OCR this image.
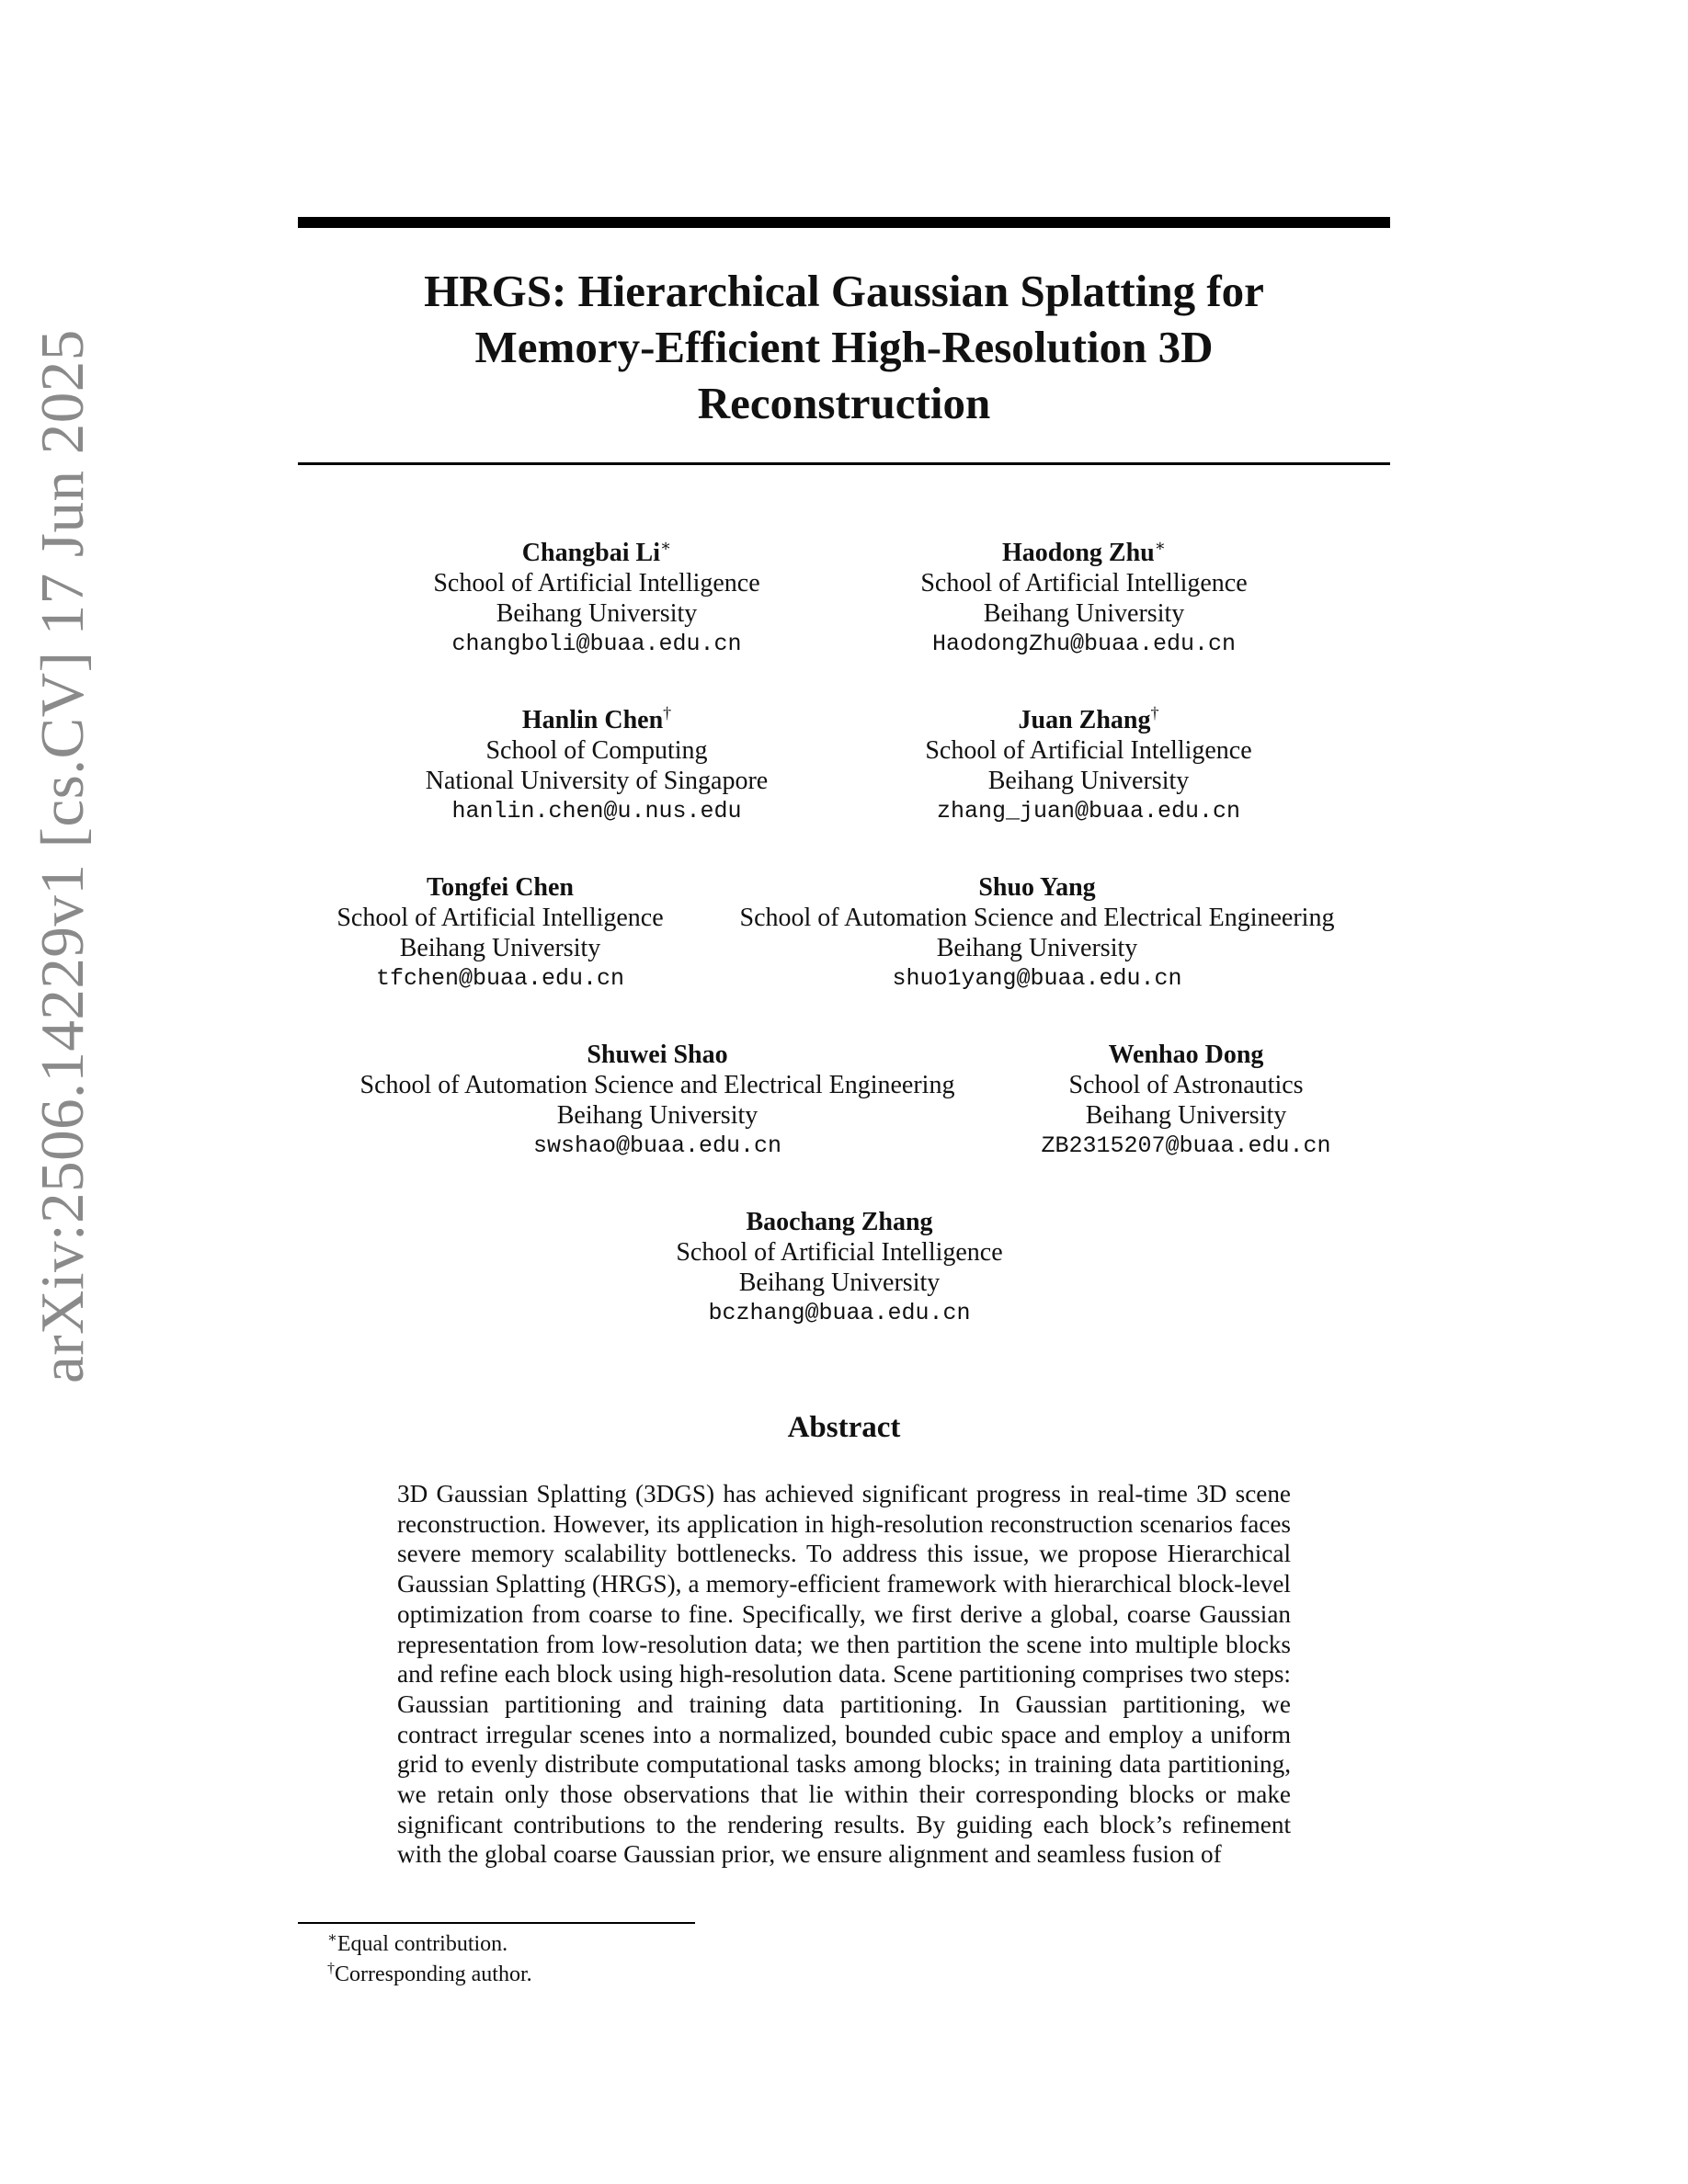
arXiv:2506.14229v1 [cs.CV] 17 Jun 2025
HRGS: Hierarchical Gaussian Splatting for
Memory-Efficient High-Resolution 3D
Reconstruction
Changbai Li∗
School of Artificial Intelligence
Beihang University
changboli@buaa.edu.cn
Haodong Zhu∗
School of Artificial Intelligence
Beihang University
HaodongZhu@buaa.edu.cn
Hanlin Chen†
School of Computing
National University of Singapore
hanlin.chen@u.nus.edu
Juan Zhang†
School of Artificial Intelligence
Beihang University
zhang_juan@buaa.edu.cn
Tongfei Chen
School of Artificial Intelligence
Beihang University
tfchen@buaa.edu.cn
Shuo Yang
School of Automation Science and Electrical Engineering
Beihang University
shuo1yang@buaa.edu.cn
Shuwei Shao
School of Automation Science and Electrical Engineering
Beihang University
swshao@buaa.edu.cn
Wenhao Dong
School of Astronautics
Beihang University
ZB2315207@buaa.edu.cn
Baochang Zhang
School of Artificial Intelligence
Beihang University
bczhang@buaa.edu.cn
Abstract
3D Gaussian Splatting (3DGS) has achieved significant progress in real-time 3D scene reconstruction. However, its application in high-resolution reconstruction scenarios faces severe memory scalability bottlenecks. To address this issue, we propose Hierarchical Gaussian Splatting (HRGS), a memory-efficient framework with hierarchical block-level optimization from coarse to fine. Specifically, we first derive a global, coarse Gaussian representation from low-resolution data; we then partition the scene into multiple blocks and refine each block using high-resolution data. Scene partitioning comprises two steps: Gaussian partitioning and training data partitioning. In Gaussian partitioning, we contract irregular scenes into a normalized, bounded cubic space and employ a uniform grid to evenly distribute computational tasks among blocks; in training data partitioning, we retain only those observations that lie within their corresponding blocks or make significant contributions to the rendering results. By guiding each block’s refinement with the global coarse Gaussian prior, we ensure alignment and seamless fusion of
∗Equal contribution.
†Corresponding author.
